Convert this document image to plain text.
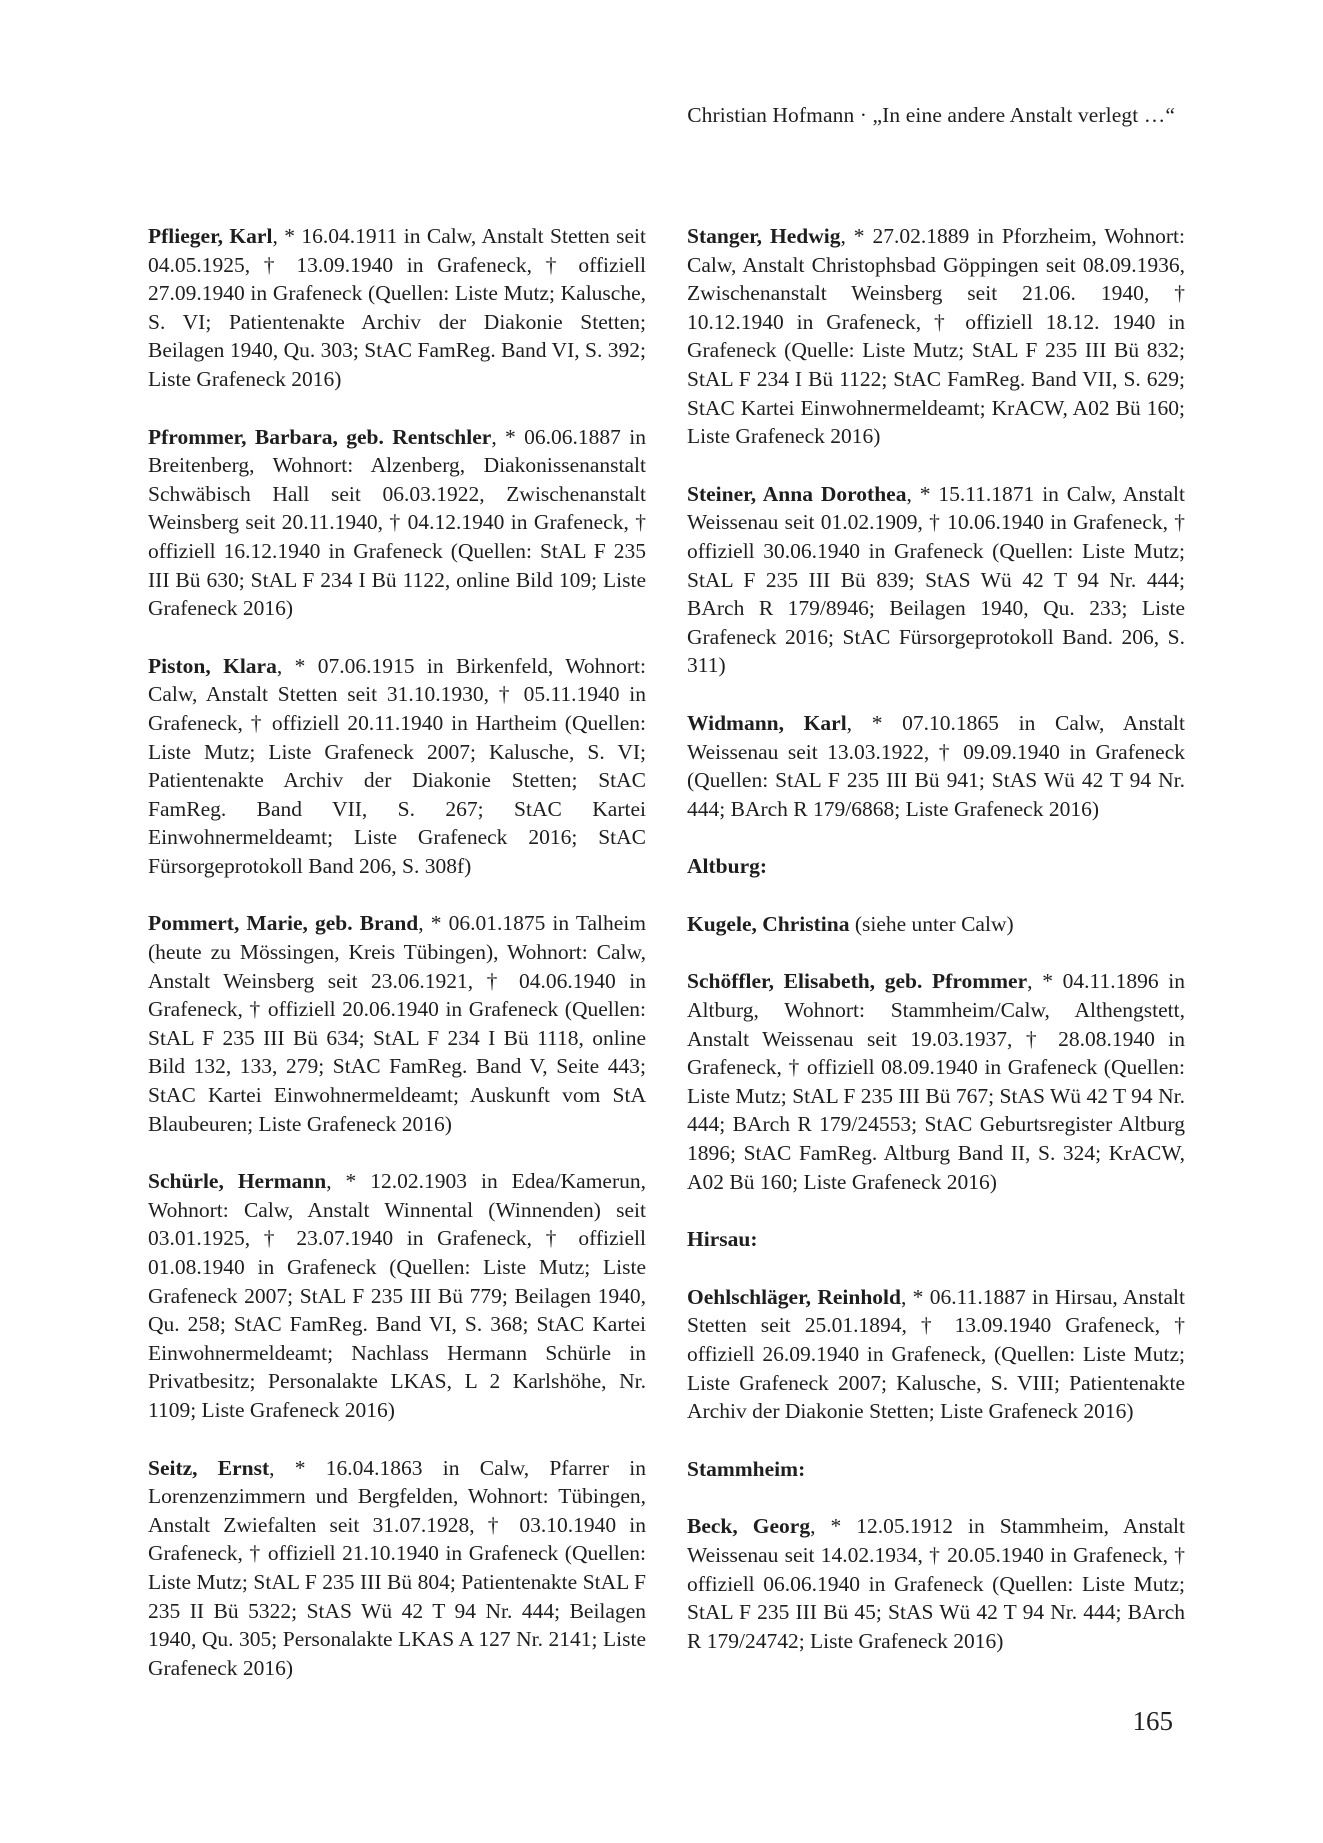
Christian Hofmann · „In eine andere Anstalt verlegt …“

Pflieger, Karl, * 16.04.1911 in Calw, Anstalt Stetten seit 04.05.1925, † 13.09.1940 in Grafeneck, † offiziell 27.09.1940 in Grafeneck (Quellen: Liste Mutz; Kalusche, S. VI; Patientenakte Archiv der Diakonie Stetten; Beilagen 1940, Qu. 303; StAC FamReg. Band VI, S. 392; Liste Grafeneck 2016)

Pfrommer, Barbara, geb. Rentschler, * 06.06.1887 in Breitenberg, Wohnort: Alzenberg, Diakonissenanstalt Schwäbisch Hall seit 06.03.1922, Zwischenanstalt Weinsberg seit 20.11.1940, † 04.12.1940 in Grafeneck, † offiziell 16.12.1940 in Grafeneck (Quellen: StAL F 235 III Bü 630; StAL F 234 I Bü 1122, online Bild 109; Liste Grafeneck 2016)

Piston, Klara, * 07.06.1915 in Birkenfeld, Wohnort: Calw, Anstalt Stetten seit 31.10.1930, † 05.11.1940 in Grafeneck, † offiziell 20.11.1940 in Hartheim (Quellen: Liste Mutz; Liste Grafeneck 2007; Kalusche, S. VI; Patientenakte Archiv der Diakonie Stetten; StAC FamReg. Band VII, S. 267; StAC Kartei Einwohnermeldeamt; Liste Grafeneck 2016; StAC Fürsorgeprotokoll Band 206, S. 308f)

Pommert, Marie, geb. Brand, * 06.01.1875 in Talheim (heute zu Mössingen, Kreis Tübingen), Wohnort: Calw, Anstalt Weinsberg seit 23.06.1921, † 04.06.1940 in Grafeneck, † offiziell 20.06.1940 in Grafeneck (Quellen: StAL F 235 III Bü 634; StAL F 234 I Bü 1118, online Bild 132, 133, 279; StAC FamReg. Band V, Seite 443; StAC Kartei Einwohnermeldeamt; Auskunft vom StA Blaubeuren; Liste Grafeneck 2016)

Schürle, Hermann, * 12.02.1903 in Edea/Kamerun, Wohnort: Calw, Anstalt Winnental (Winnenden) seit 03.01.1925, † 23.07.1940 in Grafeneck, † offiziell 01.08.1940 in Grafeneck (Quellen: Liste Mutz; Liste Grafeneck 2007; StAL F 235 III Bü 779; Beilagen 1940, Qu. 258; StAC FamReg. Band VI, S. 368; StAC Kartei Einwohnermeldeamt; Nachlass Hermann Schürle in Privatbesitz; Personalakte LKAS, L 2 Karlshöhe, Nr. 1109; Liste Grafeneck 2016)

Seitz, Ernst, * 16.04.1863 in Calw, Pfarrer in Lorenzenzimmern und Bergfelden, Wohnort: Tübingen, Anstalt Zwiefalten seit 31.07.1928, † 03.10.1940 in Grafeneck, † offiziell 21.10.1940 in Grafeneck (Quellen: Liste Mutz; StAL F 235 III Bü 804; Patientenakte StAL F 235 II Bü 5322; StAS Wü 42 T 94 Nr. 444; Beilagen 1940, Qu. 305; Personalakte LKAS A 127 Nr. 2141; Liste Grafeneck 2016)

Stanger, Hedwig, * 27.02.1889 in Pforzheim, Wohnort: Calw, Anstalt Christophsbad Göppingen seit 08.09.1936, Zwischenanstalt Weinsberg seit 21.06. 1940, † 10.12.1940 in Grafeneck, † offiziell 18.12. 1940 in Grafeneck (Quelle: Liste Mutz; StAL F 235 III Bü 832; StAL F 234 I Bü 1122; StAC FamReg. Band VII, S. 629; StAC Kartei Einwohnermeldeamt; KrACW, A02 Bü 160; Liste Grafeneck 2016)

Steiner, Anna Dorothea, * 15.11.1871 in Calw, Anstalt Weissenau seit 01.02.1909, † 10.06.1940 in Grafeneck, † offiziell 30.06.1940 in Grafeneck (Quellen: Liste Mutz; StAL F 235 III Bü 839; StAS Wü 42 T 94 Nr. 444; BArch R 179/8946; Beilagen 1940, Qu. 233; Liste Grafeneck 2016; StAC Fürsorgeprotokoll Band. 206, S. 311)

Widmann, Karl, * 07.10.1865 in Calw, Anstalt Weissenau seit 13.03.1922, † 09.09.1940 in Grafeneck (Quellen: StAL F 235 III Bü 941; StAS Wü 42 T 94 Nr. 444; BArch R 179/6868; Liste Grafeneck 2016)

Altburg:

Kugele, Christina (siehe unter Calw)

Schöffler, Elisabeth, geb. Pfrommer, * 04.11.1896 in Altburg, Wohnort: Stammheim/Calw, Althengstett, Anstalt Weissenau seit 19.03.1937, † 28.08.1940 in Grafeneck, † offiziell 08.09.1940 in Grafeneck (Quellen: Liste Mutz; StAL F 235 III Bü 767; StAS Wü 42 T 94 Nr. 444; BArch R 179/24553; StAC Geburtsregister Altburg 1896; StAC FamReg. Altburg Band II, S. 324; KrACW, A02 Bü 160; Liste Grafeneck 2016)

Hirsau:

Oehlschläger, Reinhold, * 06.11.1887 in Hirsau, Anstalt Stetten seit 25.01.1894, † 13.09.1940 Grafeneck, † offiziell 26.09.1940 in Grafeneck, (Quellen: Liste Mutz; Liste Grafeneck 2007; Kalusche, S. VIII; Patientenakte Archiv der Diakonie Stetten; Liste Grafeneck 2016)

Stammheim:

Beck, Georg, * 12.05.1912 in Stammheim, Anstalt Weissenau seit 14.02.1934, † 20.05.1940 in Grafeneck, † offiziell 06.06.1940 in Grafeneck (Quellen: Liste Mutz; StAL F 235 III Bü 45; StAS Wü 42 T 94 Nr. 444; BArch R 179/24742; Liste Grafeneck 2016)

165
